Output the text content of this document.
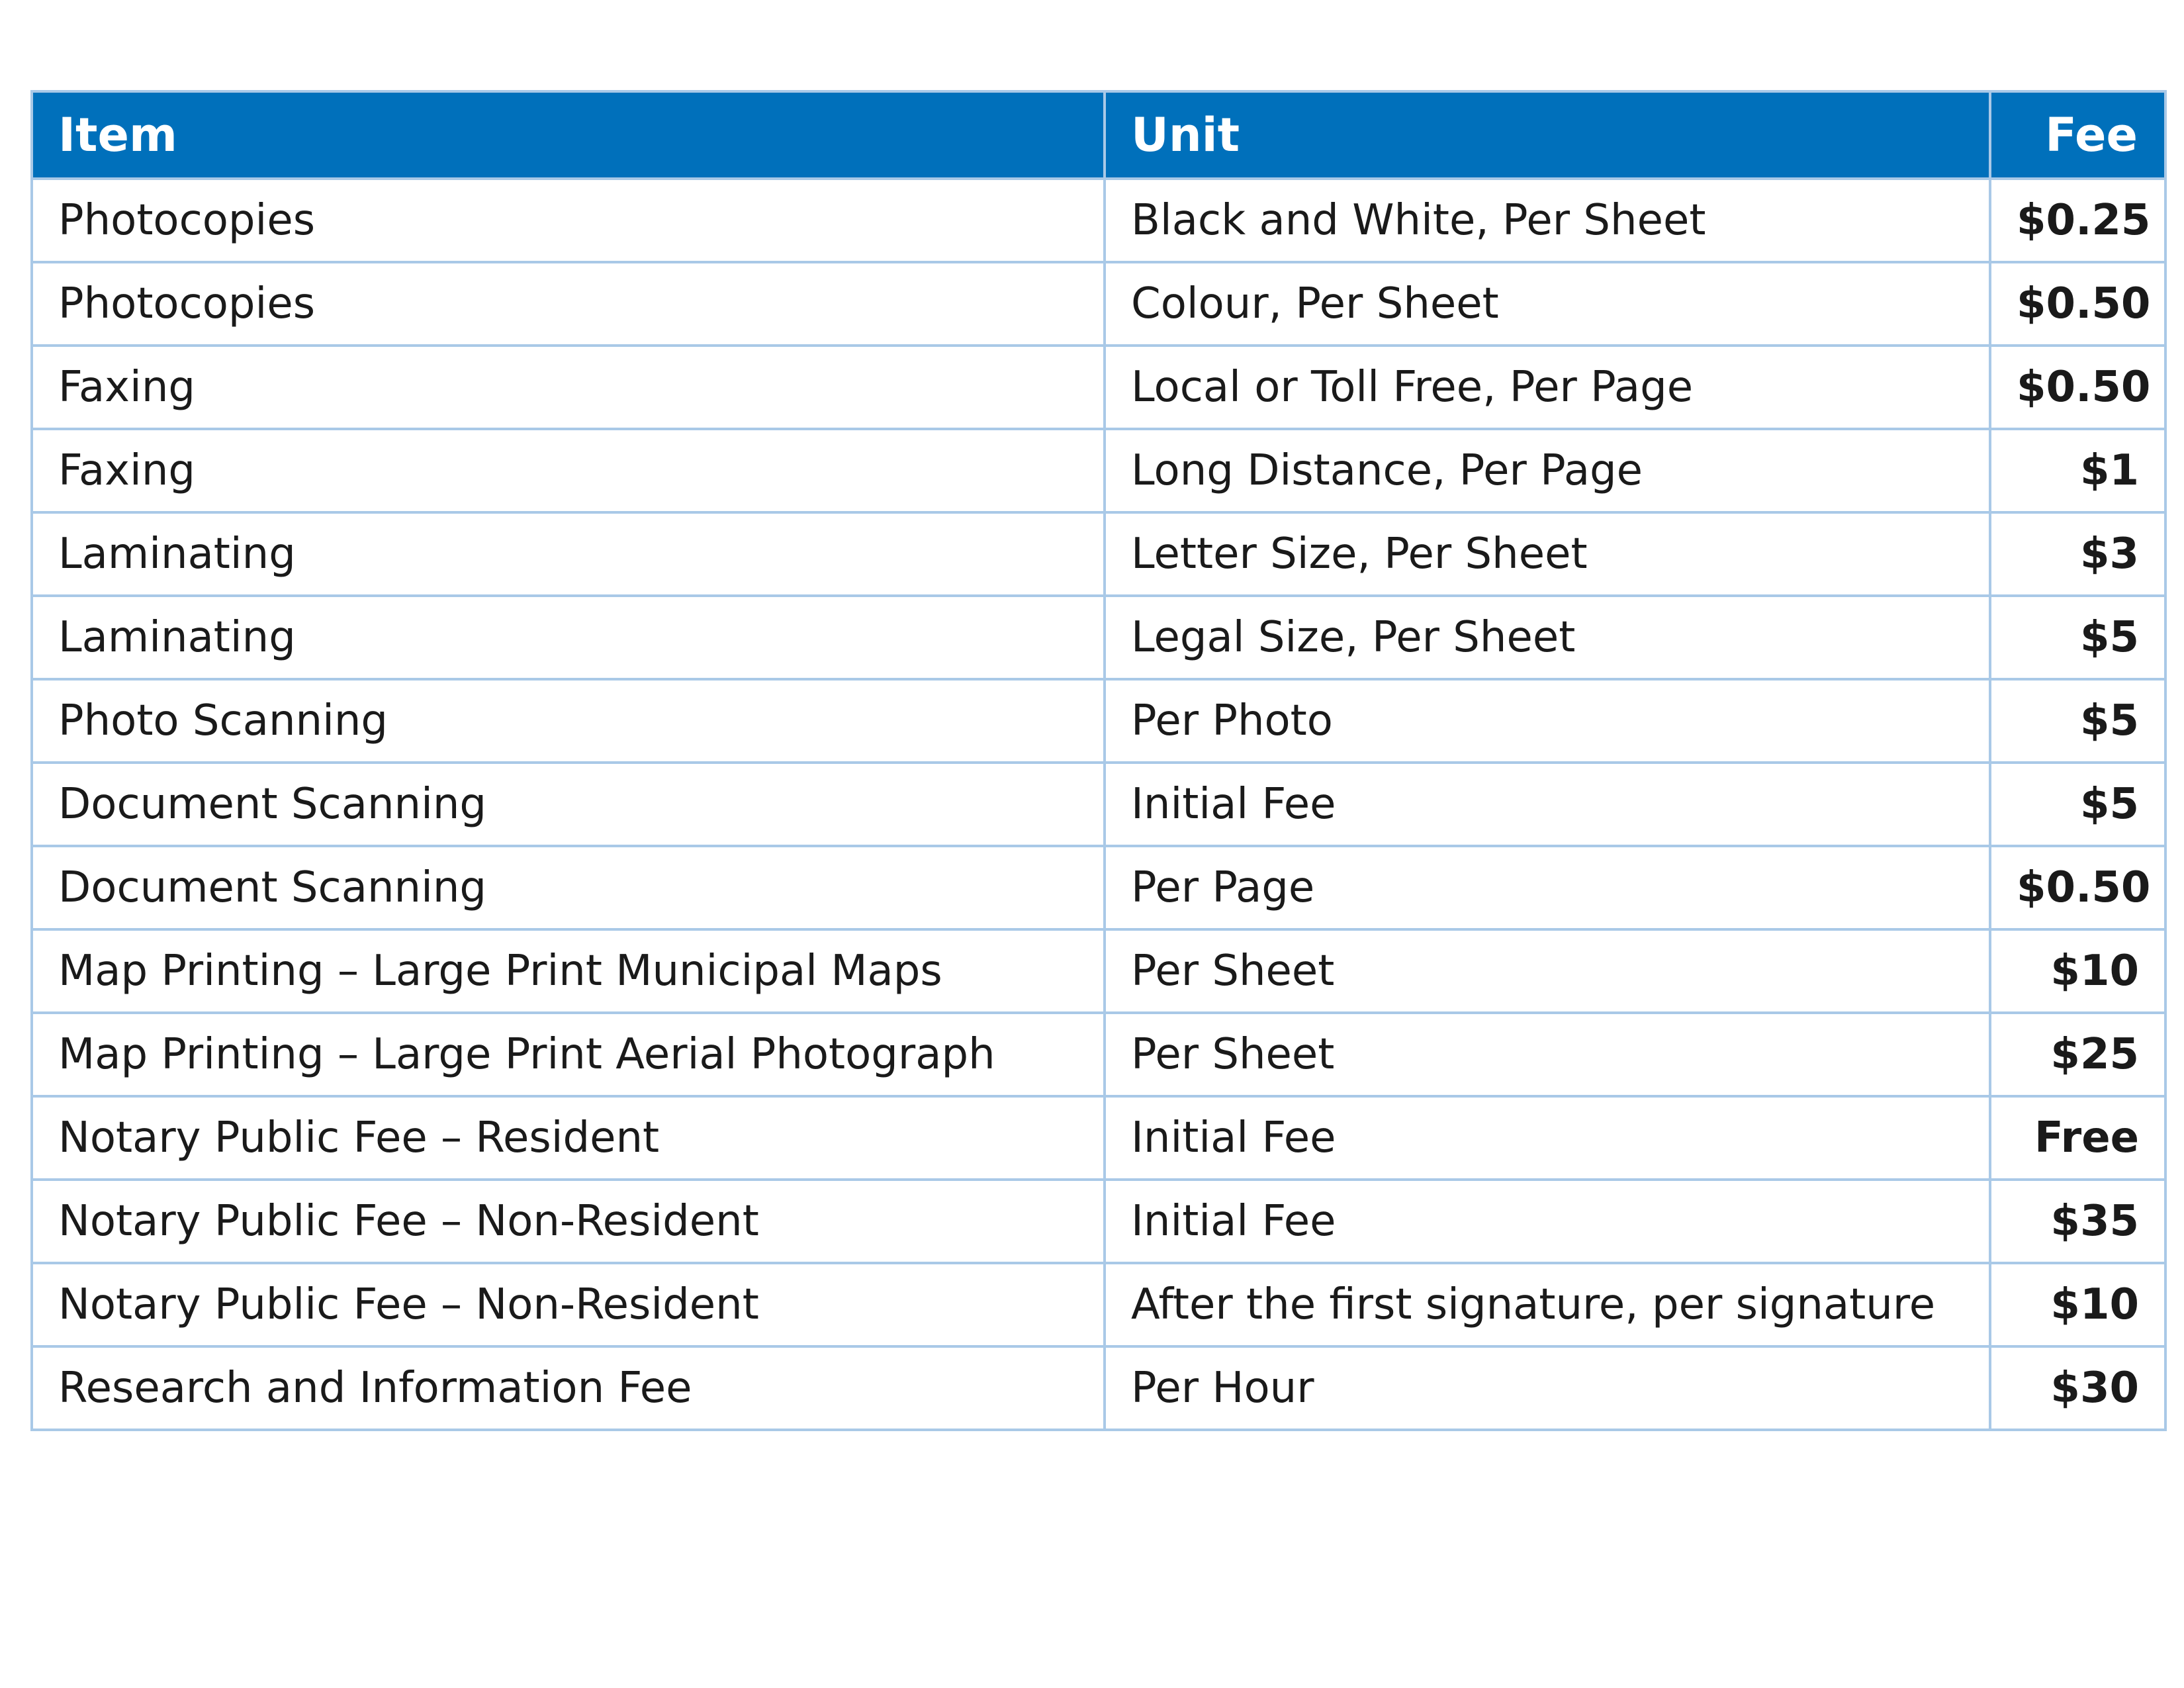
Item	Unit	Fee
Photocopies	Black and White, Per Sheet	$0.25
Photocopies	Colour, Per Sheet	$0.50
Faxing	Local or Toll Free, Per Page	$0.50
Faxing	Long Distance, Per Page	$1
Laminating	Letter Size, Per Sheet	$3
Laminating	Legal Size, Per Sheet	$5
Photo Scanning	Per Photo	$5
Document Scanning	Initial Fee	$5
Document Scanning	Per Page	$0.50
Map Printing – Large Print Municipal Maps	Per Sheet	$10
Map Printing – Large Print Aerial Photograph	Per Sheet	$25
Notary Public Fee – Resident	Initial Fee	Free
Notary Public Fee – Non-Resident	Initial Fee	$35
Notary Public Fee – Non-Resident	After the first signature, per signature	$10
Research and Information Fee	Per Hour	$30
